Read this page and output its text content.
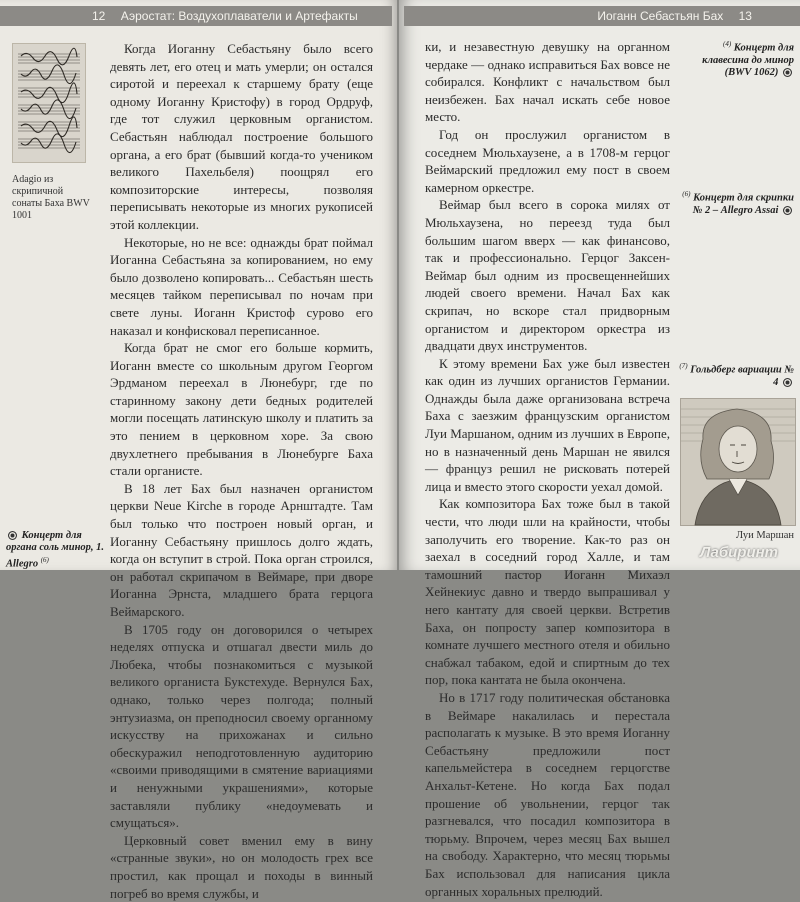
12 Аэростат: Воздухоплаватели и Артефакты
Adagio из скрипичной
сонаты Баха BWV 1001

Когда Иоганну Себастьяну было всего девять лет, его отец и мать умерли; он остался сиротой и переехал к старшему брату (еще одному Иоганну Кристофу) в город Ордруф, где тот служил церковным органистом. Себастьян наблюдал построение большого органа, а его брат (бывший когда-то учеником великого Пахельбеля) поощрял его композиторские интересы, позволяя переписывать некоторые из многих рукописей этой коллекции.

Некоторые, но не все: однажды брат поймал Иоганна Себастьяна за копированием, но ему было дозволено копировать... Себастьян шесть месяцев тайком переписывал по ночам при свете луны. Иоганн Кристоф сурово его наказал и конфисковал переписанное.

Когда брат не смог его больше кормить, Иоганн вместе со школьным другом Георгом Эрдманом переехал в Люнебург, где по старинному закону дети бедных родителей могли посещать латинскую школу и платить за это пением в церковном хоре. За свою двухлетнего пребывания в Люнебурге Баха стали органисте.

В 18 лет Бах был назначен органистом церкви Neue Kirche в городе Арнштадте. Там был только что построен новый орган, и Иоганну Себастьяну пришлось долго ждать, когда он вступит в строй. Пока орган строился, он работал скрипачом в Веймаре, при дворе Иоганна Эрнста, младшего брата герцога Веймарского.

В 1705 году он договорился о четырех неделях отпуска и отшагал двести миль до Любека, чтобы познакомиться с музыкой великого органиста Букстехуде. Вернулся Бах, однако, только через полгода; полный энтузиазма, он преподносил своему органному искусству на прихожанах и сильно обескуражил неподготовленную аудиторию «своими приводящими в смятение вариациями и ненужными украшениями», которые заставляли публику «недоумевать и смущаться».

Церковный совет вменил ему в вину «странные звуки», но он молодость грех все простил, как прощал и походы в винный погреб во время службы, и

Концерт для органа соль минор, 1. Allegro $^{(6)}$
Иоганн Себастьян Бах 13

ки, и незавестную девушку на органном чердаке — однако исправиться Бах вовсе не собирался. Конфликт с начальством был неизбежен. Бах начал искать себе новое место.

Год он прослужил органистом в соседнем Мюльхаузене, а в 1708-м герцог Веймарский предложил ему пост в своем камерном оркестре.

Веймар был всего в сорока милях от Мюльхаузена, но переезд туда был большим шагом вверх — как финансово, так и профессионально. Герцог Заксен-Веймар был одним из просвещеннейших людей своего времени. Начал Бах как скрипач, но вскоре стал придворным органистом и директором оркестра из двадцати двух инструментов.

К этому времени Бах уже был известен как один из лучших органистов Германии. Однажды была даже организована встреча Баха с заезжим французским органистом Луи Маршаном, одним из лучших в Европе, но в назначенный день Маршан не явился — француз решил не рисковать потерей лица и вместо этого скорости уехал домой.

Как композитора Бах тоже был в такой чести, что люди шли на крайности, чтобы заполучить его творение. Как-то раз он заехал в соседний город Халле, и там тамошний пастор Иоганн Михаэл Хейнекиус давно и твердо выпрашивал у него кантату для своей церкви. Встретив Баха, он попросту запер композитора в комнате лучшего местного отеля и обильно снабжал табаком, едой и спиртным до тех пор, пока кантата не была окончена.

Но в 1717 году политическая обстановка в Веймаре накалилась и перестала располагать к музыке. В это время Иоганну Себастьяну предложили пост капельмейстера в соседнем герцогстве Анхальт-Кетене. Но когда Бах подал прошение об увольнении, герцог так разгневался, что посадил композитора в тюрьму. Впрочем, через месяц Бах вышел на свободу. Характерно, что месяц тюрьмы Бах использовал для написания цикла органных хоральных прелюдий.

$^{(4)}$ Концерт для клавесина до минор (BWV 1062)
$^{(6)}$ Концерт для скрипки № 2 – Allegro Assai
$^{(7)}$ Гольдберг вариации № 4
Луи Маршан
Лабиринт
